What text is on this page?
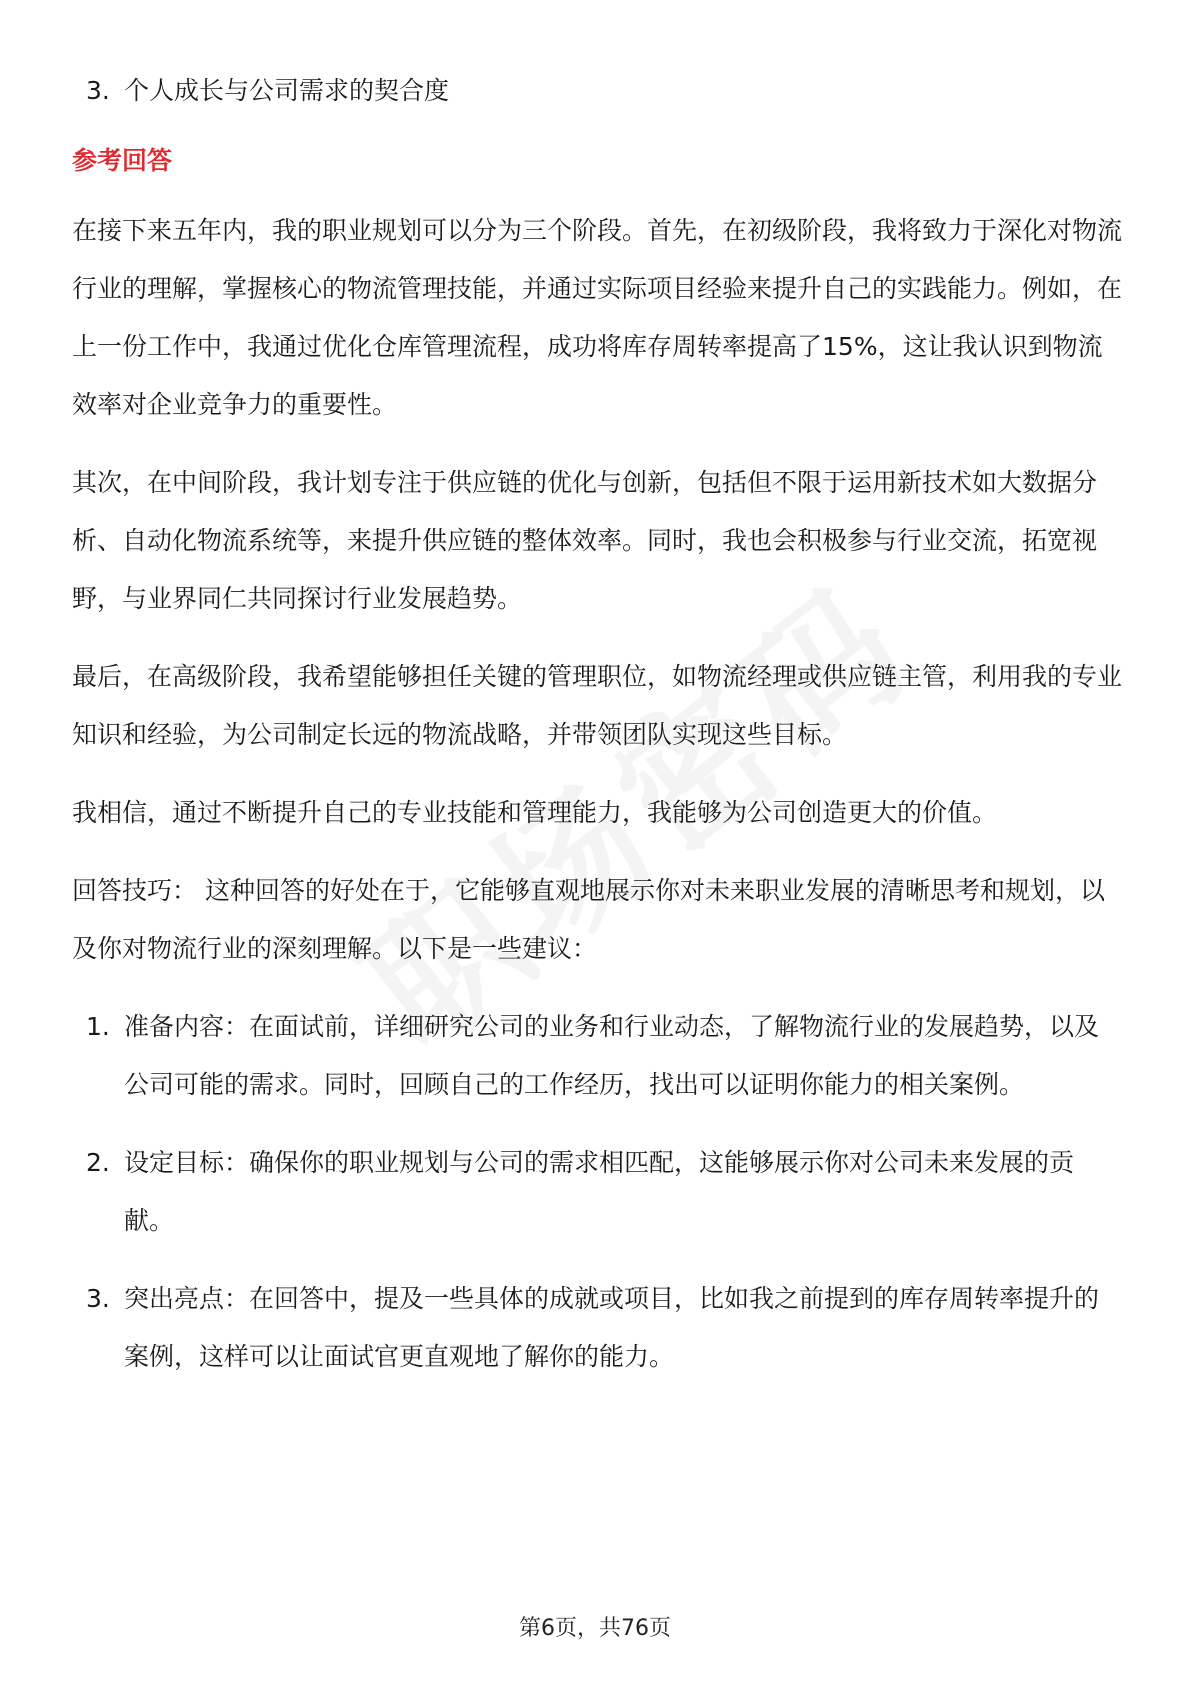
3. 个人成长与公司需求的契合度

参考回答

在接下来五年内，我的职业规划可以分为三个阶段。首先，在初级阶段，我将致力于深化对物流行业的理解，掌握核心的物流管理技能，并通过实际项目经验来提升自己的实践能力。例如，在上一份工作中，我通过优化仓库管理流程，成功将库存周转率提高了15%，这让我认识到物流效率对企业竞争力的重要性。

其次，在中间阶段，我计划专注于供应链的优化与创新，包括但不限于运用新技术如大数据分析、自动化物流系统等，来提升供应链的整体效率。同时，我也会积极参与行业交流，拓宽视野，与业界同仁共同探讨行业发展趋势。

最后，在高级阶段，我希望能够担任关键的管理职位，如物流经理或供应链主管，利用我的专业知识和经验，为公司制定长远的物流战略，并带领团队实现这些目标。

我相信，通过不断提升自己的专业技能和管理能力，我能够为公司创造更大的价值。

回答技巧： 这种回答的好处在于，它能够直观地展示你对未来职业发展的清晰思考和规划，以及你对物流行业的深刻理解。以下是一些建议：

1. 准备内容：在面试前，详细研究公司的业务和行业动态，了解物流行业的发展趋势，以及公司可能的需求。同时，回顾自己的工作经历，找出可以证明你能力的相关案例。
2. 设定目标：确保你的职业规划与公司的需求相匹配，这能够展示你对公司未来发展的贡献。
3. 突出亮点：在回答中，提及一些具体的成就或项目，比如我之前提到的库存周转率提升的案例，这样可以让面试官更直观地了解你的能力。
第6页，共76页
